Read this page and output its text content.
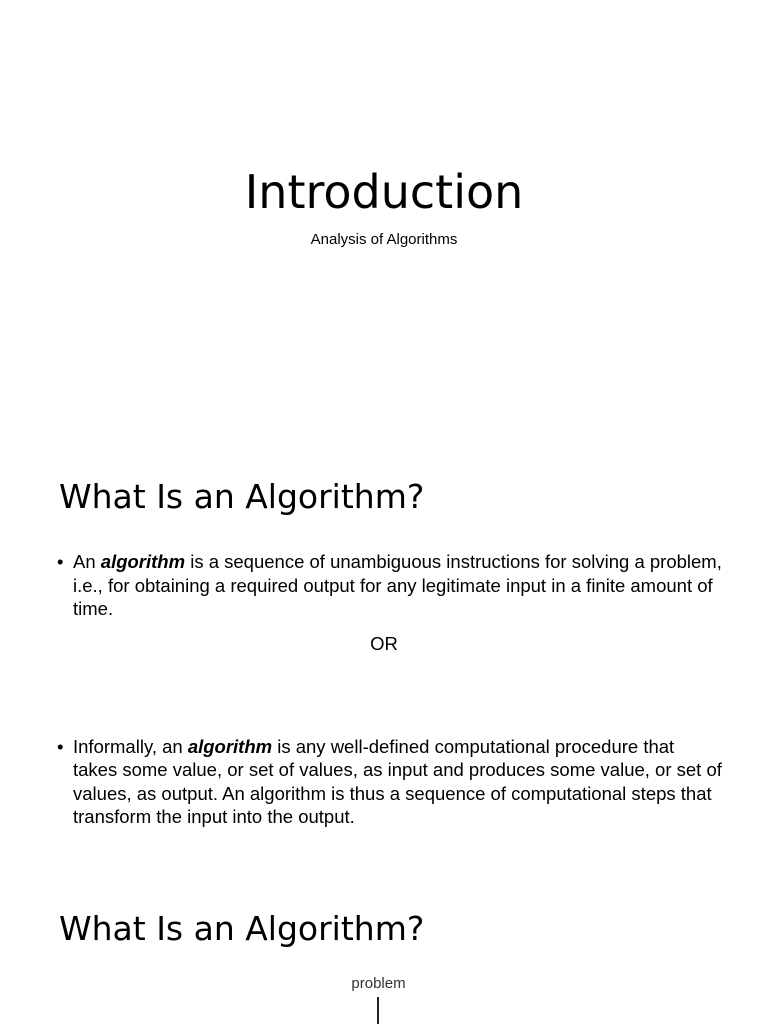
Introduction
Analysis of Algorithms
What Is an Algorithm?
• An algorithm is a sequence of unambiguous instructions for solving a problem, i.e., for obtaining a required output for any legitimate input in a finite amount of time.
OR
• Informally, an algorithm is any well-defined computational procedure that takes some value, or set of values, as input and produces some value, or set of values, as output. An algorithm is thus a sequence of computational steps that transform the input into the output.
What Is an Algorithm?
problem
